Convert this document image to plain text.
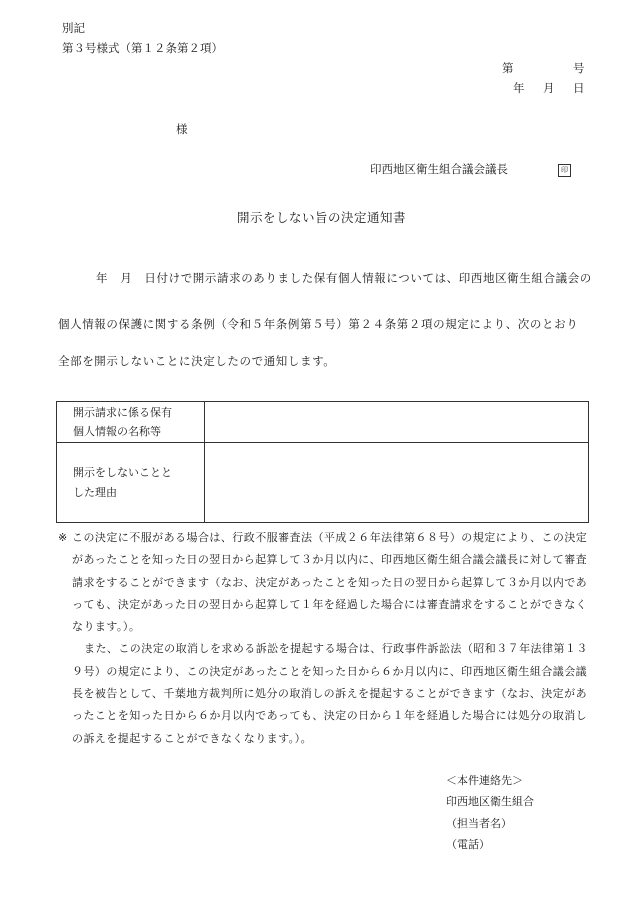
別記
第３号様式（第１２条第２項）
第	号
年 月 日
様
印西地区衛生組合議会議長	印
開示をしない旨の決定通知書
年　月　日付けで開示請求のありました保有個人情報については、印西地区衛生組合議会の
個人情報の保護に関する条例（令和５年条例第５号）第２４条第２項の規定により、次のとおり
全部を開示しないことに決定したので通知します。
開示請求に係る保有
個人情報の名称等	

開示をしないことと
した理由	

※ この決定に不服がある場合は、行政不服審査法（平成２６年法律第６８号）の規定により、この決定があったことを知った日の翌日から起算して３か月以内に、印西地区衛生組合議会議長に対して審査請求をすることができます（なお、決定があったことを知った日の翌日から起算して３か月以内であっても、決定があった日の翌日から起算して１年を経過した場合には審査請求をすることができなくなります。）。
また、この決定の取消しを求める訴訟を提起する場合は、行政事件訴訟法（昭和３７年法律第１３９号）の規定により、この決定があったことを知った日から６か月以内に、印西地区衛生組合議会議長を被告として、千葉地方裁判所に処分の取消しの訴えを提起することができます（なお、決定があったことを知った日から６か月以内であっても、決定の日から１年を経過した場合には処分の取消しの訴えを提起することができなくなります。）。
＜本件連絡先＞
印西地区衛生組合
（担当者名）
（電話）
